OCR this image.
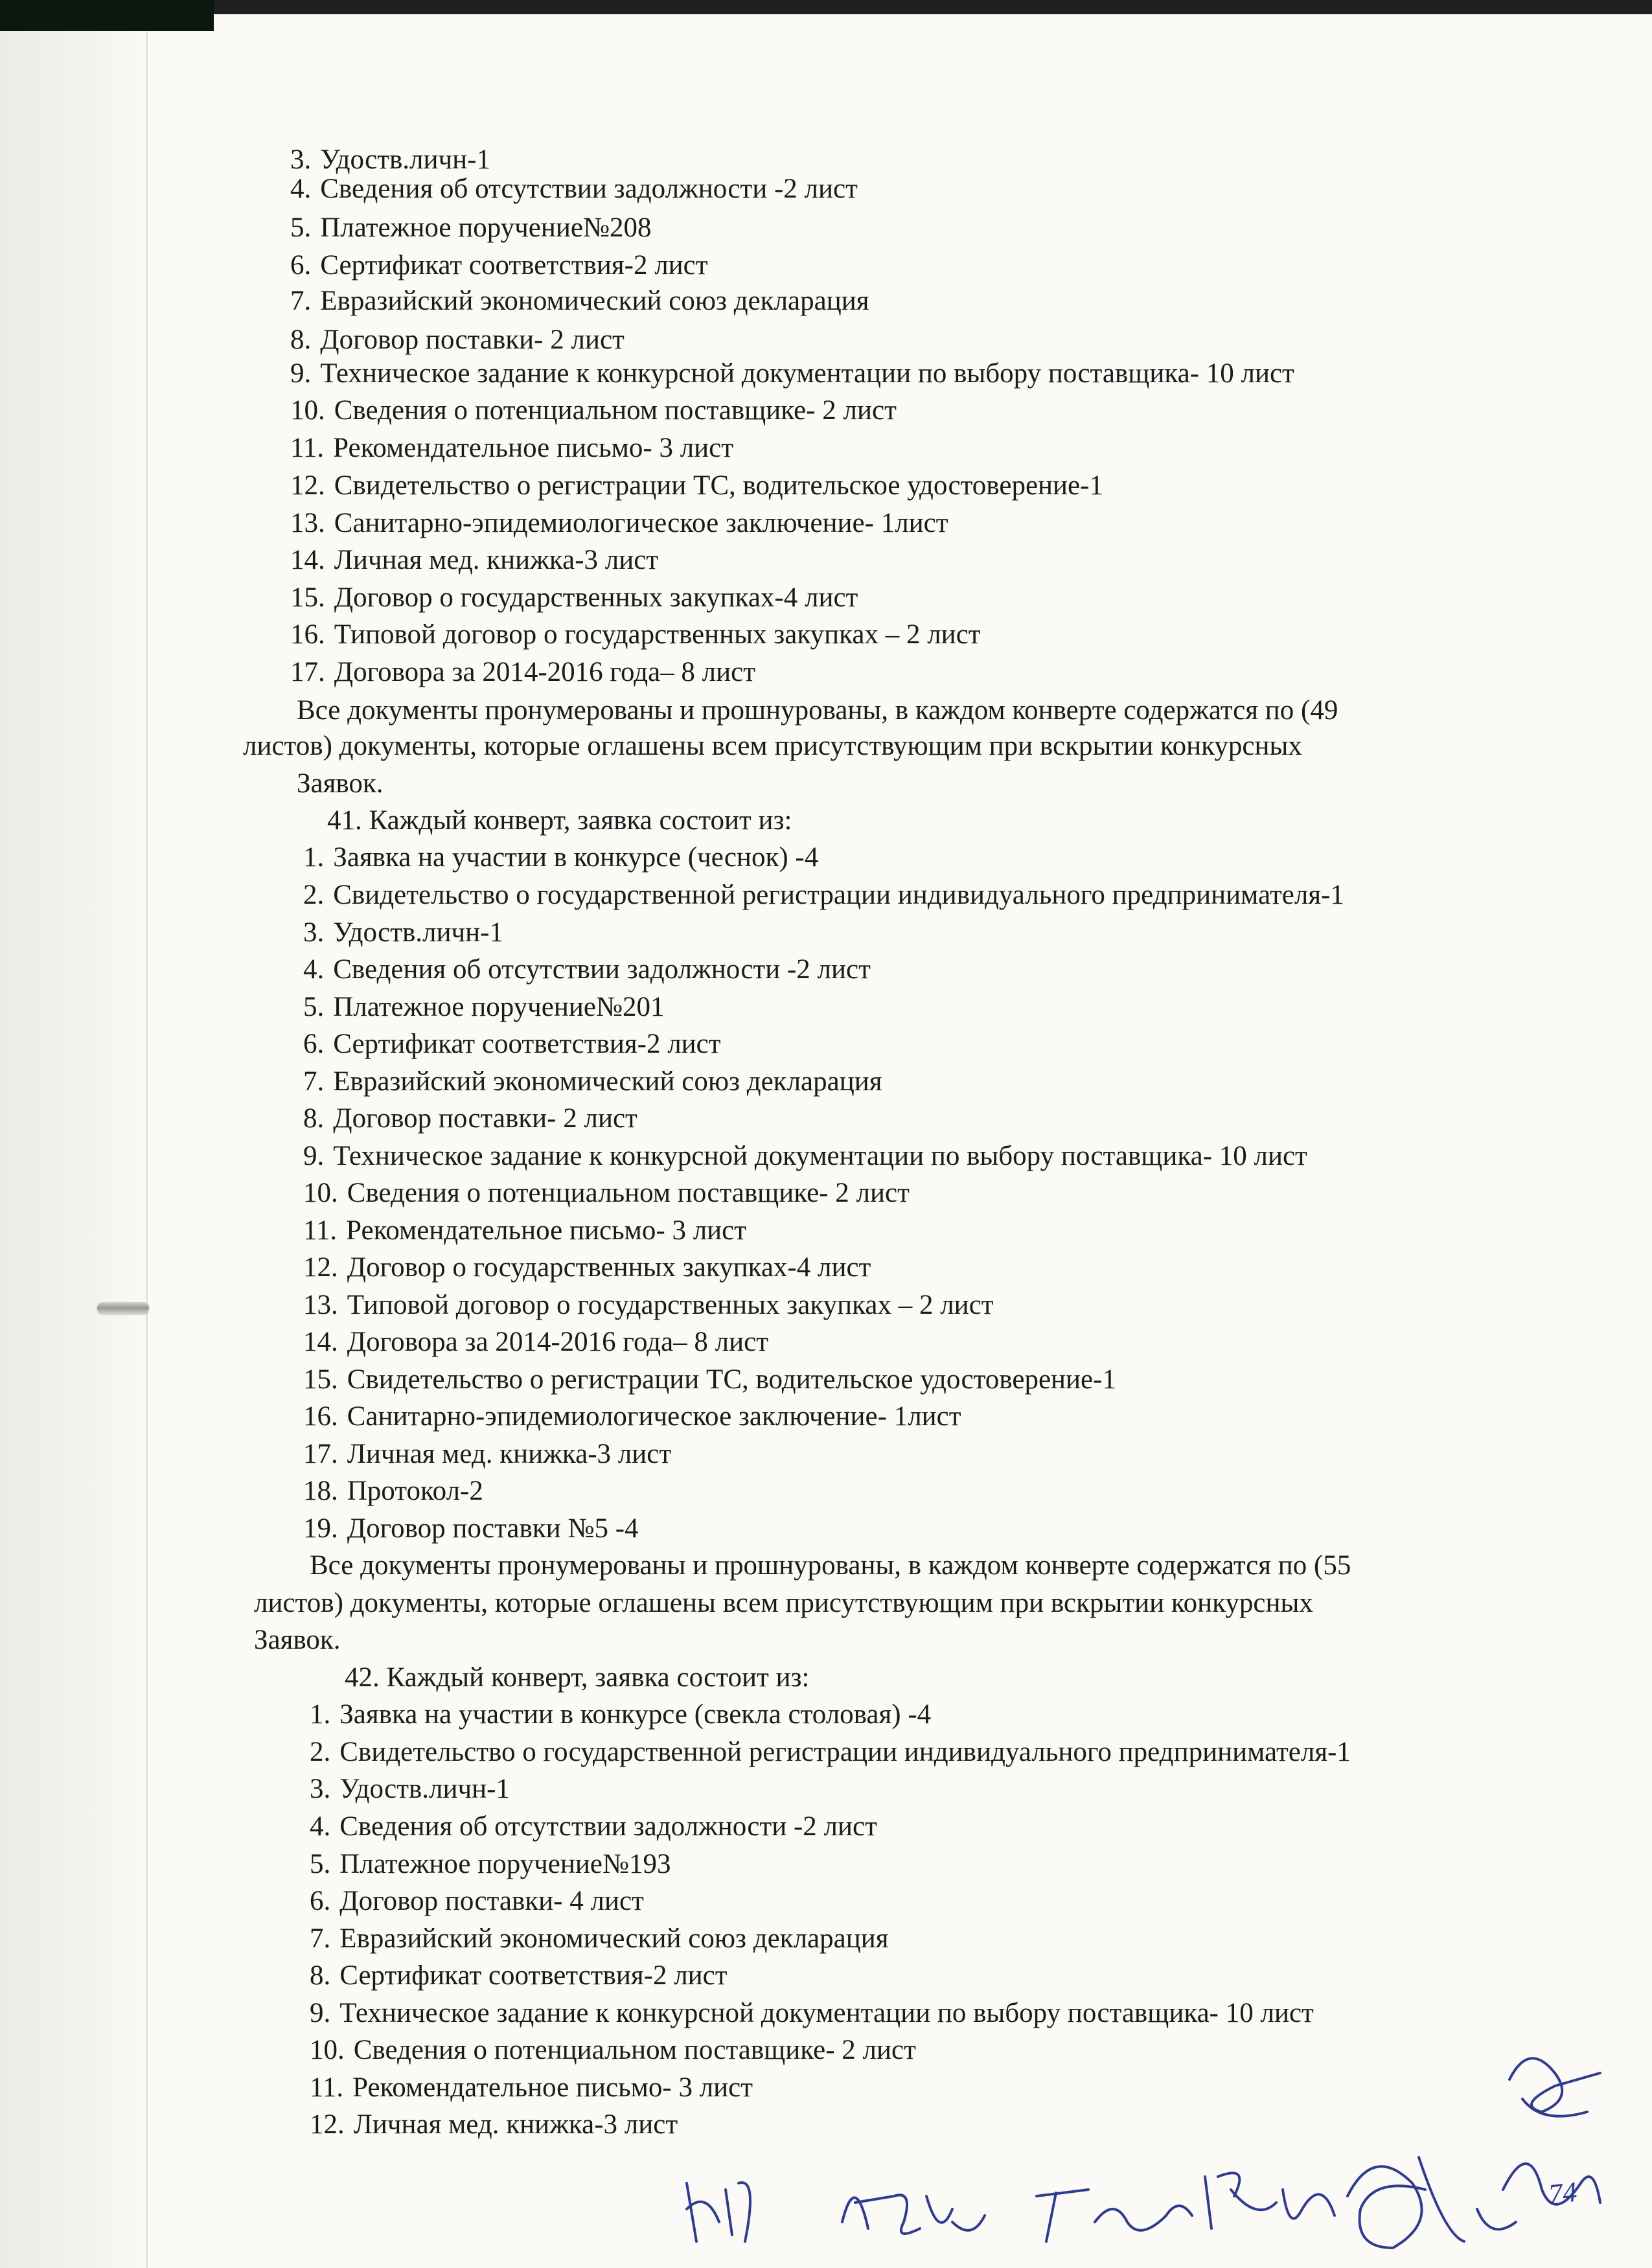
3. Удоств.личн-1
4. Сведения об отсутствии задолжности -2 лист
5. Платежное поручение№208
6. Сертификат соответствия-2 лист
7. Евразийский экономический союз декларация
8. Договор поставки- 2 лист
9. Техническое задание к конкурсной документации по выбору поставщика- 10 лист
10. Сведения о потенциальном поставщике- 2 лист
11. Рекомендательное письмо- 3 лист
12. Свидетельство о регистрации ТС, водительское удостоверение-1
13. Санитарно-эпидемиологическое заключение- 1лист
14. Личная мед. книжка-3 лист
15. Договор о государственных закупках-4 лист
16. Типовой договор о государственных закупках – 2 лист
17. Договора за 2014-2016 года– 8 лист
Все документы пронумерованы и прошнурованы, в каждом конверте содержатся по (49
листов) документы, которые оглашены всем присутствующим при вскрытии конкурсных
Заявок.
41. Каждый конверт, заявка состоит из:
1. Заявка на участии в конкурсе (чеснок) -4
2. Свидетельство о государственной регистрации индивидуального предпринимателя-1
3. Удоств.личн-1
4. Сведения об отсутствии задолжности -2 лист
5. Платежное поручение№201
6. Сертификат соответствия-2 лист
7. Евразийский экономический союз декларация
8. Договор поставки- 2 лист
9. Техническое задание к конкурсной документации по выбору поставщика- 10 лист
10. Сведения о потенциальном поставщике- 2 лист
11. Рекомендательное письмо- 3 лист
12. Договор о государственных закупках-4 лист
13. Типовой договор о государственных закупках – 2 лист
14. Договора за 2014-2016 года– 8 лист
15. Свидетельство о регистрации ТС, водительское удостоверение-1
16. Санитарно-эпидемиологическое заключение- 1лист
17. Личная мед. книжка-3 лист
18. Протокол-2
19. Договор поставки №5 -4
Все документы пронумерованы и прошнурованы, в каждом конверте содержатся по (55
листов) документы, которые оглашены всем присутствующим при вскрытии конкурсных
Заявок.
42. Каждый конверт, заявка состоит из:
1. Заявка на участии в конкурсе (свекла столовая) -4
2. Свидетельство о государственной регистрации индивидуального предпринимателя-1
3. Удоств.личн-1
4. Сведения об отсутствии задолжности -2 лист
5. Платежное поручение№193
6. Договор поставки- 4 лист
7. Евразийский экономический союз декларация
8. Сертификат соответствия-2 лист
9. Техническое задание к конкурсной документации по выбору поставщика- 10 лист
10. Сведения о потенциальном поставщике- 2 лист
11. Рекомендательное письмо- 3 лист
12. Личная мед. книжка-3 лист
74
